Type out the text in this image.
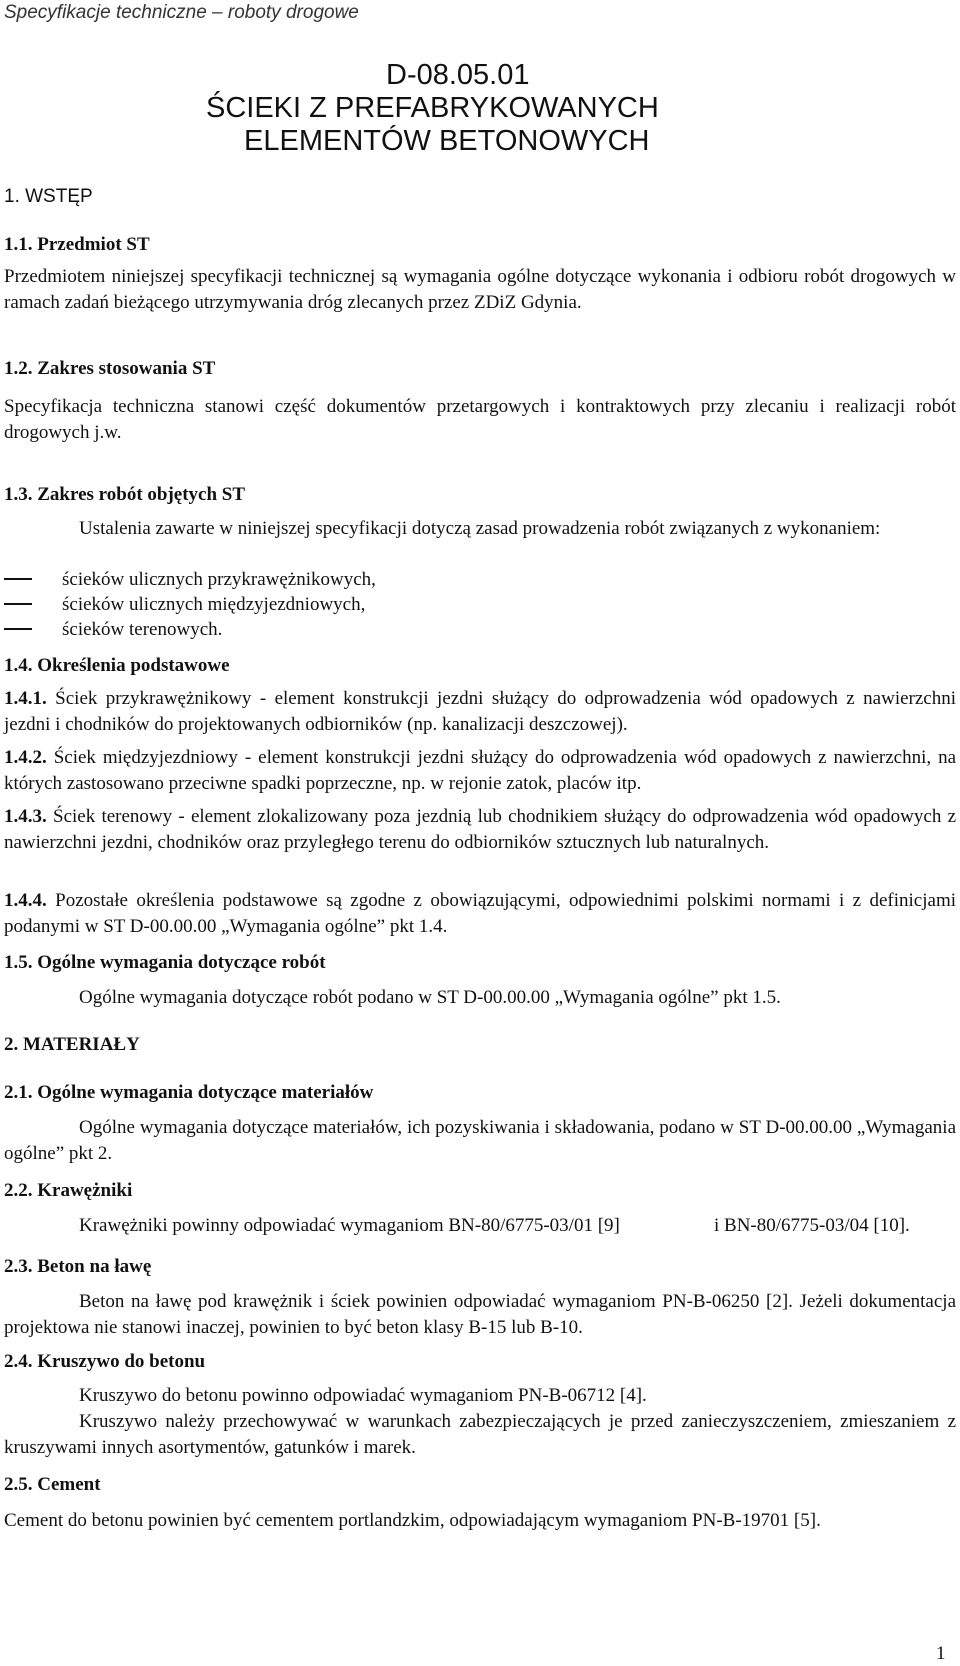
Specyfikacje techniczne – roboty drogowe
D-08.05.01
ŚCIEKI Z PREFABRYKOWANYCH
ELEMENTÓW BETONOWYCH
1. WSTĘP
1.1. Przedmiot ST
Przedmiotem niniejszej specyfikacji technicznej są wymagania ogólne dotyczące wykonania i odbioru robót drogowych w ramach zadań bieżącego utrzymywania dróg zlecanych przez ZDiZ Gdynia.
1.2. Zakres stosowania ST
Specyfikacja techniczna stanowi część dokumentów przetargowych i kontraktowych przy zlecaniu i realizacji robót drogowych j.w.
1.3. Zakres robót objętych ST
Ustalenia zawarte w niniejszej specyfikacji dotyczą zasad prowadzenia robót związanych z wykonaniem:
ścieków ulicznych przykrawężnikowych,
ścieków ulicznych międzyjezdniowych,
ścieków terenowych.
1.4. Określenia podstawowe
1.4.1. Ściek przykrawężnikowy - element konstrukcji jezdni służący do odprowadzenia wód opadowych z nawierzchni jezdni i chodników do projektowanych odbiorników (np. kanalizacji deszczowej).
1.4.2. Ściek międzyjezdniowy - element konstrukcji jezdni służący do odprowadzenia wód opadowych z nawierzchni, na których zastosowano przeciwne spadki poprzeczne, np. w rejonie zatok, placów itp.
1.4.3. Ściek terenowy - element zlokalizowany poza jezdnią lub chodnikiem służący do odprowadzenia wód opadowych z nawierzchni jezdni, chodników oraz przyległego terenu do odbiorników sztucznych lub naturalnych.
1.4.4. Pozostałe określenia podstawowe są zgodne z obowiązującymi, odpowiednimi polskimi normami i z definicjami podanymi w ST D-00.00.00 „Wymagania ogólne” pkt 1.4.
1.5. Ogólne wymagania dotyczące robót
Ogólne wymagania dotyczące robót podano w ST D-00.00.00 „Wymagania ogólne” pkt 1.5.
2. MATERIAŁY
2.1. Ogólne wymagania dotyczące materiałów
Ogólne wymagania dotyczące materiałów, ich pozyskiwania i składowania, podano w ST D-00.00.00 „Wymagania ogólne” pkt 2.
2.2. Krawężniki
Krawężniki powinny odpowiadać wymaganiom BN-80/6775-03/01 [9]	i BN-80/6775-03/04 [10].
2.3. Beton na ławę
Beton na ławę pod krawężnik i ściek powinien odpowiadać wymaganiom PN-B-06250 [2]. Jeżeli dokumentacja projektowa nie stanowi inaczej, powinien to być beton klasy B-15 lub B-10.
2.4. Kruszywo do betonu
Kruszywo do betonu powinno odpowiadać wymaganiom PN-B-06712 [4].
Kruszywo należy przechowywać w warunkach zabezpieczających je przed zanieczyszczeniem, zmieszaniem z kruszywami innych asortymentów, gatunków i marek.
2.5. Cement
Cement do betonu powinien być cementem portlandzkim, odpowiadającym wymaganiom PN-B-19701 [5].
1
